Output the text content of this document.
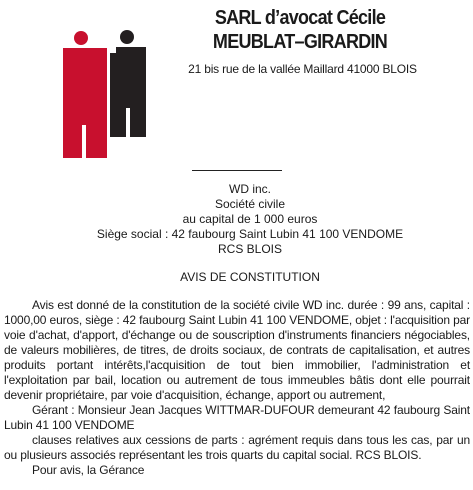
SARL d’avocat Cécile
MEUBLAT–GIRARDIN
21 bis rue de la vallée Maillard 41000 BLOIS
WD inc.
Société civile
au capital de 1 000 euros
Siège social : 42 faubourg Saint Lubin 41 100 VENDOME
RCS BLOIS
AVIS DE CONSTITUTION

Avis est donné de la constitution de la société civile WD inc. durée : 99 ans, capital : 1000,00 euros, siège : 42 faubourg Saint Lubin 41 100 VENDOME, objet : l'acquisition par voie d'achat, d'apport, d'échange ou de souscription d'instruments financiers négociables, de valeurs mobilières, de titres, de droits sociaux, de contrats de capitalisation, et autres produits portant intérêts,l'acquisition de tout bien immobilier, l'administration et l'exploitation par bail, location ou autrement de tous immeubles bâtis dont elle pourrait devenir propriétaire, par voie d'acquisition, échange, apport ou autrement,

Gérant : Monsieur Jean Jacques WITTMAR-DUFOUR demeurant 42 faubourg Saint Lubin 41 100 VENDOME

clauses relatives aux cessions de parts : agrément requis dans tous les cas, par un ou plusieurs associés représentant les trois quarts du capital social. RCS BLOIS.

Pour avis, la Gérance
